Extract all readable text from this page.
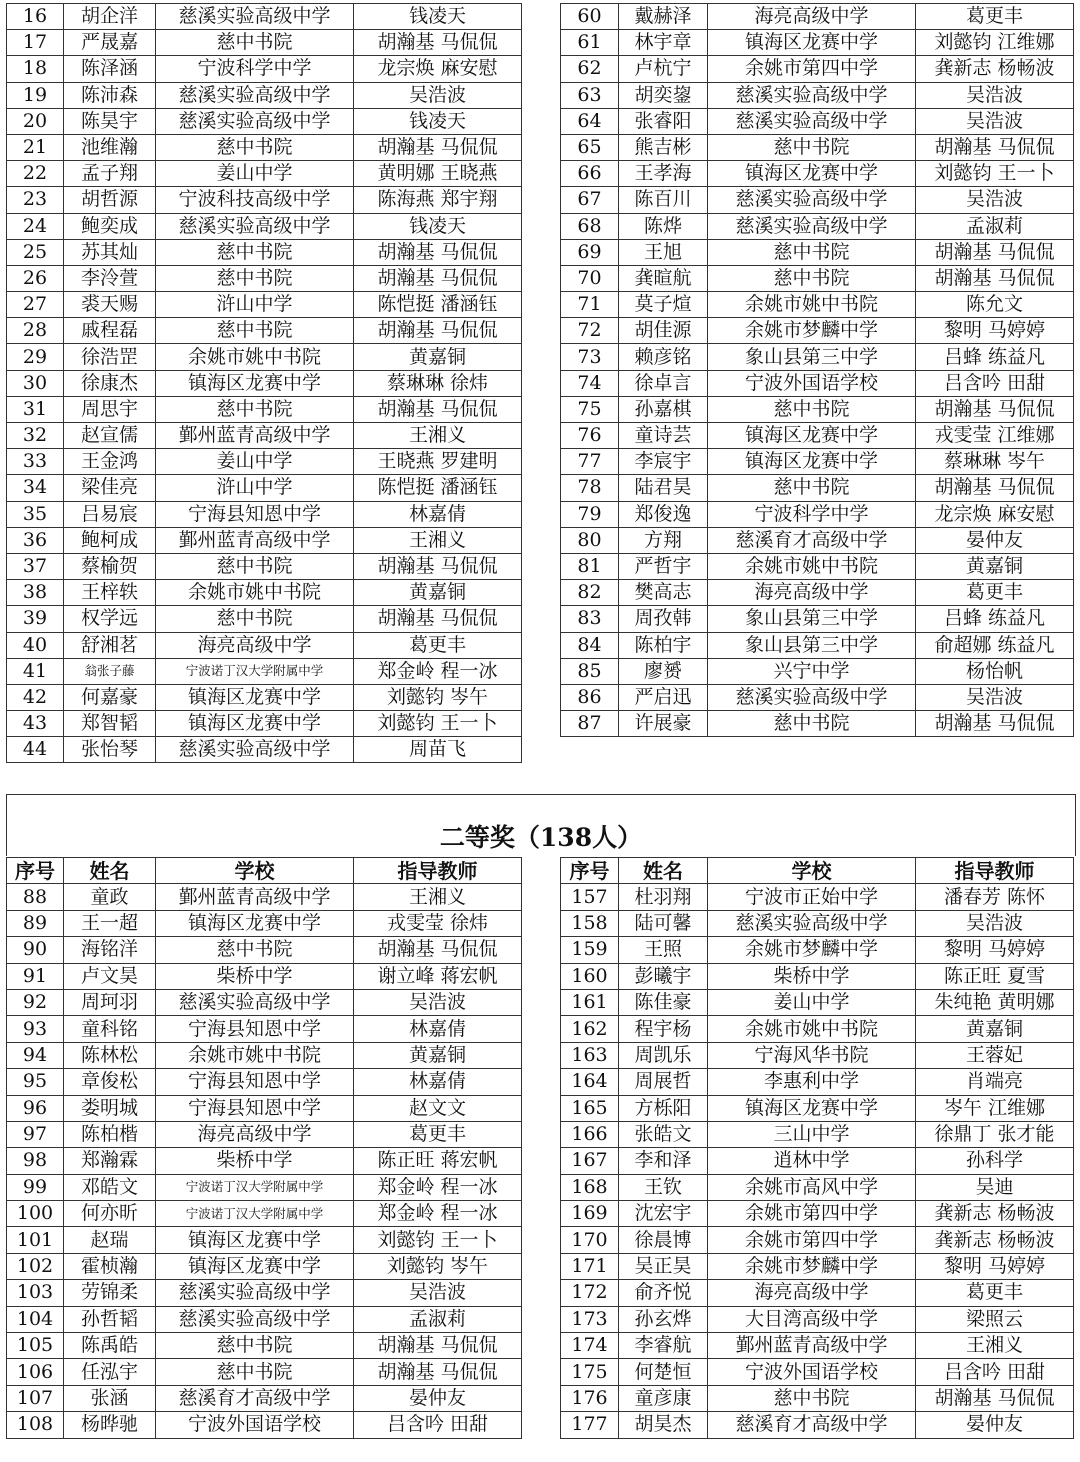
16	胡企洋	慈溪实验高级中学	钱凌天
17	严晟嘉	慈中书院	胡瀚基 马侃侃
18	陈泽涵	宁波科学中学	龙宗焕 麻安慰
19	陈沛森	慈溪实验高级中学	吴浩波
20	陈昊宇	慈溪实验高级中学	钱凌天
21	池维瀚	慈中书院	胡瀚基 马侃侃
22	孟子翔	姜山中学	黄明娜 王晓燕
23	胡哲源	宁波科技高级中学	陈海燕 郑宇翔
24	鲍奕成	慈溪实验高级中学	钱凌天
25	苏其灿	慈中书院	胡瀚基 马侃侃
26	李泠萱	慈中书院	胡瀚基 马侃侃
27	裘天赐	浒山中学	陈恺挺 潘涵钰
28	戚程磊	慈中书院	胡瀚基 马侃侃
29	徐浩罡	余姚市姚中书院	黄嘉铜
30	徐康杰	镇海区龙赛中学	蔡琳琳 徐炜
31	周思宇	慈中书院	胡瀚基 马侃侃
32	赵宣儒	鄞州蓝青高级中学	王湘义
33	王金鸿	姜山中学	王晓燕 罗建明
34	梁佳亮	浒山中学	陈恺挺 潘涵钰
35	吕易宸	宁海县知恩中学	林嘉倩
36	鲍柯成	鄞州蓝青高级中学	王湘义
37	蔡榆贺	慈中书院	胡瀚基 马侃侃
38	王梓轶	余姚市姚中书院	黄嘉铜
39	权学远	慈中书院	胡瀚基 马侃侃
40	舒湘茗	海亮高级中学	葛更丰
41	翁张子藤	宁波诺丁汉大学附属中学	郑金岭 程一冰
42	何嘉豪	镇海区龙赛中学	刘懿钧 岑午
43	郑智韬	镇海区龙赛中学	刘懿钧 王一卜
44	张怡琴	慈溪实验高级中学	周苗飞
60	戴赫泽	海亮高级中学	葛更丰
61	林宇章	镇海区龙赛中学	刘懿钧 江维娜
62	卢杭宁	余姚市第四中学	龚新志 杨畅波
63	胡奕鋆	慈溪实验高级中学	吴浩波
64	张睿阳	慈溪实验高级中学	吴浩波
65	熊吉彬	慈中书院	胡瀚基 马侃侃
66	王孝海	镇海区龙赛中学	刘懿钧 王一卜
67	陈百川	慈溪实验高级中学	吴浩波
68	陈烨	慈溪实验高级中学	孟淑莉
69	王旭	慈中书院	胡瀚基 马侃侃
70	龚暄航	慈中书院	胡瀚基 马侃侃
71	莫子煊	余姚市姚中书院	陈允文
72	胡佳源	余姚市梦麟中学	黎明 马婷婷
73	赖彦铭	象山县第三中学	吕蜂 练益凡
74	徐卓言	宁波外国语学校	吕含吟 田甜
75	孙嘉棋	慈中书院	胡瀚基 马侃侃
76	童诗芸	镇海区龙赛中学	戎雯莹 江维娜
77	李宸宇	镇海区龙赛中学	蔡琳琳 岑午
78	陆君昊	慈中书院	胡瀚基 马侃侃
79	郑俊逸	宁波科学中学	龙宗焕 麻安慰
80	方翔	慈溪育才高级中学	晏仲友
81	严哲宇	余姚市姚中书院	黄嘉铜
82	樊高志	海亮高级中学	葛更丰
83	周孜韩	象山县第三中学	吕蜂 练益凡
84	陈柏宇	象山县第三中学	俞超娜 练益凡
85	廖赟	兴宁中学	杨怡帆
86	严启迅	慈溪实验高级中学	吴浩波
87	许展豪	慈中书院	胡瀚基 马侃侃
二等奖（138人）
序号	姓名	学校	指导教师
88	童政	鄞州蓝青高级中学	王湘义
89	王一超	镇海区龙赛中学	戎雯莹 徐炜
90	海铭洋	慈中书院	胡瀚基 马侃侃
91	卢文昊	柴桥中学	谢立峰 蒋宏帆
92	周珂羽	慈溪实验高级中学	吴浩波
93	童科铭	宁海县知恩中学	林嘉倩
94	陈林松	余姚市姚中书院	黄嘉铜
95	章俊松	宁海县知恩中学	林嘉倩
96	娄明城	宁海县知恩中学	赵文文
97	陈柏楷	海亮高级中学	葛更丰
98	郑瀚霖	柴桥中学	陈正旺 蒋宏帆
99	邓皓文	宁波诺丁汉大学附属中学	郑金岭 程一冰
100	何亦昕	宁波诺丁汉大学附属中学	郑金岭 程一冰
101	赵瑞	镇海区龙赛中学	刘懿钧 王一卜
102	霍桢瀚	镇海区龙赛中学	刘懿钧 岑午
103	劳锦柔	慈溪实验高级中学	吴浩波
104	孙哲韬	慈溪实验高级中学	孟淑莉
105	陈禹皓	慈中书院	胡瀚基 马侃侃
106	任泓宇	慈中书院	胡瀚基 马侃侃
107	张涵	慈溪育才高级中学	晏仲友
108	杨晔驰	宁波外国语学校	吕含吟 田甜
序号	姓名	学校	指导教师
157	杜羽翔	宁波市正始中学	潘春芳 陈怀
158	陆可馨	慈溪实验高级中学	吴浩波
159	王照	余姚市梦麟中学	黎明 马婷婷
160	彭曦宇	柴桥中学	陈正旺 夏雪
161	陈佳豪	姜山中学	朱纯艳 黄明娜
162	程宇杨	余姚市姚中书院	黄嘉铜
163	周凯乐	宁海风华书院	王蓉妃
164	周展哲	李惠利中学	肖端亮
165	方栎阳	镇海区龙赛中学	岑午 江维娜
166	张皓文	三山中学	徐鼎丁 张才能
167	李和泽	逍林中学	孙科学
168	王钦	余姚市高风中学	吴迪
169	沈宏宇	余姚市第四中学	龚新志 杨畅波
170	徐晨博	余姚市第四中学	龚新志 杨畅波
171	吴正昊	余姚市梦麟中学	黎明 马婷婷
172	俞齐悦	海亮高级中学	葛更丰
173	孙玄烨	大目湾高级中学	梁照云
174	李睿航	鄞州蓝青高级中学	王湘义
175	何楚恒	宁波外国语学校	吕含吟 田甜
176	童彦康	慈中书院	胡瀚基 马侃侃
177	胡昊杰	慈溪育才高级中学	晏仲友
